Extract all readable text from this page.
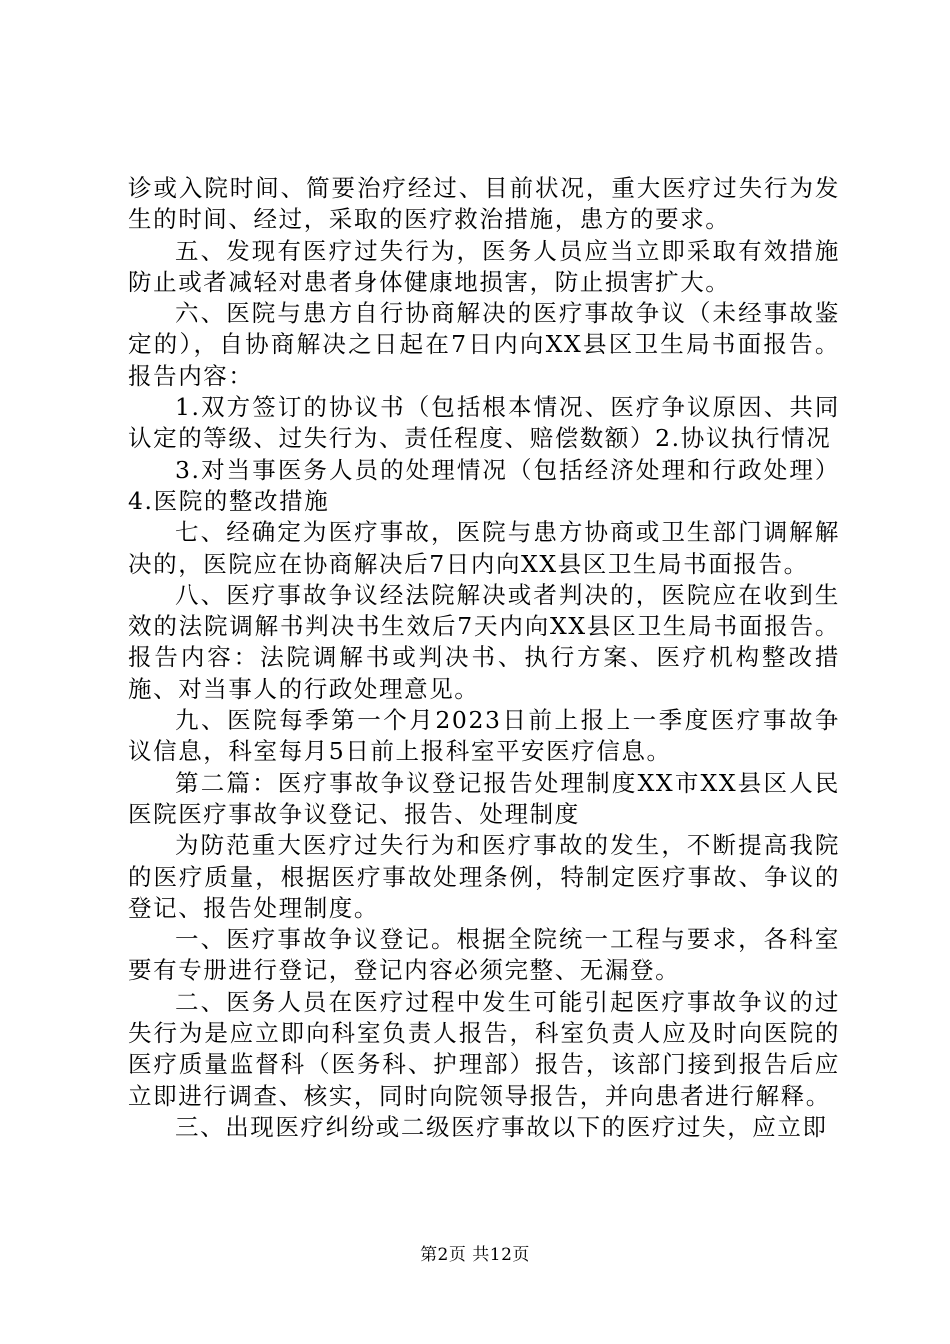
诊或入院时间、简要治疗经过、目前状况，重大医疗过失行为发生的时间、经过，采取的医疗救治措施，患方的要求。

五、发现有医疗过失行为，医务人员应当立即采取有效措施防止或者减轻对患者身体健康地损害，防止损害扩大。

六、医院与患方自行协商解决的医疗事故争议（未经事故鉴定的），自协商解决之日起在7日内向XX县区卫生局书面报告。报告内容：

1.双方签订的协议书（包括根本情况、医疗争议原因、共同认定的等级、过失行为、责任程度、赔偿数额）2.协议执行情况

3.对当事医务人员的处理情况（包括经济处理和行政处理）4.医院的整改措施

七、经确定为医疗事故，医院与患方协商或卫生部门调解解决的，医院应在协商解决后7日内向XX县区卫生局书面报告。

八、医疗事故争议经法院解决或者判决的，医院应在收到生效的法院调解书判决书生效后7天内向XX县区卫生局书面报告。报告内容：法院调解书或判决书、执行方案、医疗机构整改措施、对当事人的行政处理意见。

九、医院每季第一个月2023日前上报上一季度医疗事故争议信息，科室每月5日前上报科室平安医疗信息。

第二篇：医疗事故争议登记报告处理制度XX市XX县区人民医院医疗事故争议登记、报告、处理制度

为防范重大医疗过失行为和医疗事故的发生，不断提高我院的医疗质量，根据医疗事故处理条例，特制定医疗事故、争议的登记、报告处理制度。

一、医疗事故争议登记。根据全院统一工程与要求，各科室要有专册进行登记，登记内容必须完整、无漏登。

二、医务人员在医疗过程中发生可能引起医疗事故争议的过失行为是应立即向科室负责人报告，科室负责人应及时向医院的医疗质量监督科（医务科、护理部）报告，该部门接到报告后应立即进行调查、核实，同时向院领导报告，并向患者进行解释。

三、出现医疗纠纷或二级医疗事故以下的医疗过失，应立即

第2页 共12页
